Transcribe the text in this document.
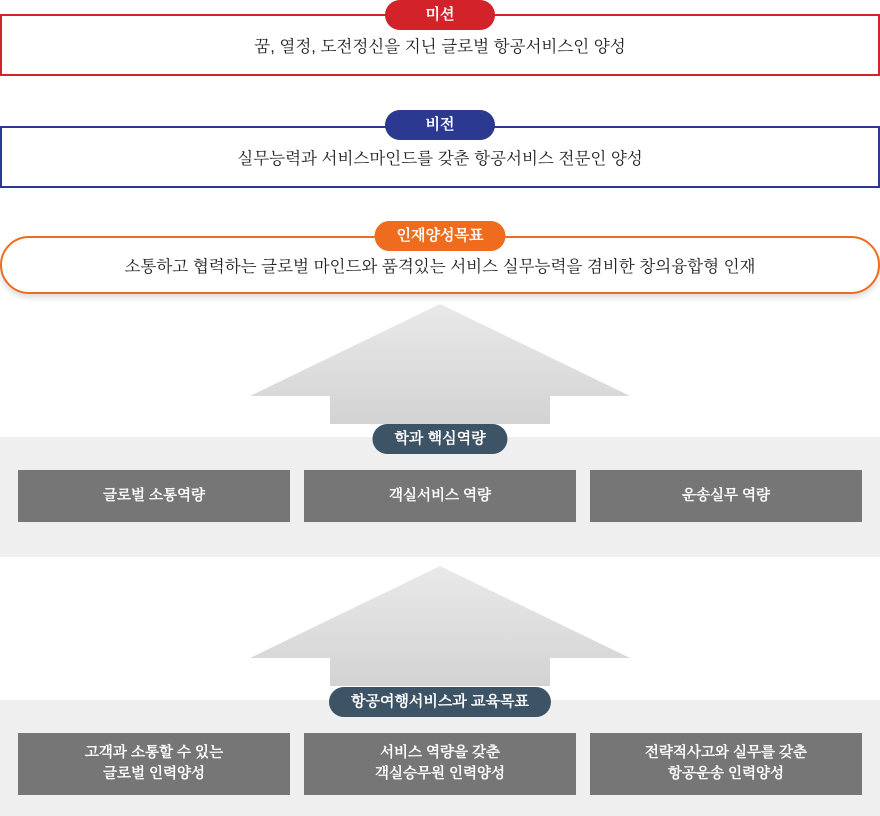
꿈, 열정, 도전정신을 지닌 글로벌 항공서비스인 양성
미션
실무능력과 서비스마인드를 갖춘 항공서비스 전문인 양성
비전
소통하고 협력하는 글로벌 마인드와 품격있는 서비스 실무능력을 겸비한 창의융합형 인재
인재양성목표
학과 핵심역량
글로벌 소통역량	객실서비스 역량	운송실무 역량
항공여행서비스과 교육목표
고객과 소통할 수 있는
글로벌 인력양성
서비스 역량을 갖춘
객실승무원 인력양성
전략적사고와 실무를 갖춘
항공운송 인력양성
